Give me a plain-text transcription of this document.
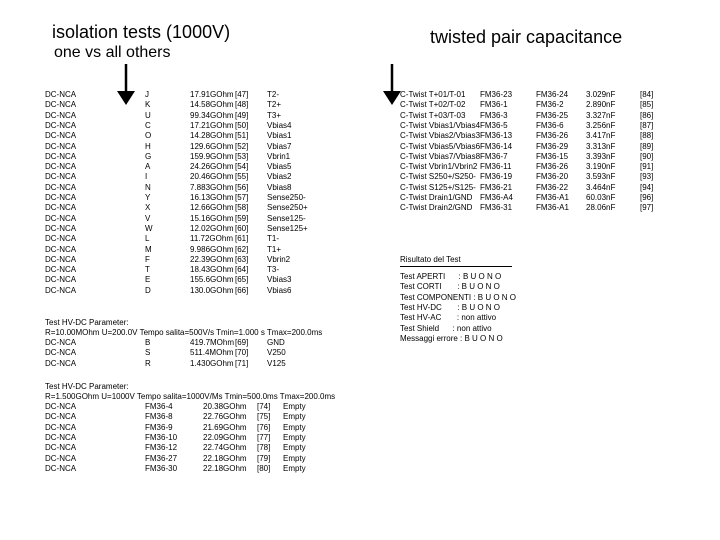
isolation tests (1000V)
one vs all others
twisted pair capacitance
DC-NCA	J	17.91GOhm [47] T2-
DC-NCA	K	14.58GOhm [48] T2+
DC-NCA	U	99.34GOhm [49] T3+
DC-NCA	C	17.21GOhm [50] Vbias4
DC-NCA	O	14.28GOhm [51] Vbias1
DC-NCA	H	129.6GOhm [52] Vbias7
DC-NCA	G	159.9GOhm [53] Vbrin1
DC-NCA	A	24.26GOhm [54] Vbias5
DC-NCA	I	20.46GOhm [55] Vbias2
DC-NCA	N	7.883GOhm [56] Vbias8
DC-NCA	Y	16.13GOhm [57] Sense250-
DC-NCA	X	12.66GOhm [58] Sense250+
DC-NCA	V	15.16GOhm [59] Sense125-
DC-NCA	W	12.02GOhm [60] Sense125+
DC-NCA	L	11.72GOhm [61] T1-
DC-NCA	M	9.986GOhm [62] T1+
DC-NCA	F	22.39GOhm [63] Vbrin2
DC-NCA	T	18.43GOhm [64] T3-
DC-NCA	E	155.6GOhm [65] Vbias3
DC-NCA	D	130.0GOhm [66] Vbias6
Test HV-DC Parameter:
R=10.00MOhm U=200.0V Tempo salita=500V/s Tmin=1.000 s Tmax=200.0ms
DC-NCA	B	419.7MOhm [69] GND
DC-NCA	S	511.4MOhm [70] V250
DC-NCA	R	1.430GOhm [71] V125
Test HV-DC Parameter:
R=1.500GOhm U=1000V Tempo salita=1000V/Ms Tmin=500.0ms Tmax=200.0ms
DC-NCA	FM36-4	20.38GOhm [74] Empty
DC-NCA	FM36-8	22.76GOhm [75] Empty
DC-NCA	FM36-9	21.69GOhm [76] Empty
DC-NCA	FM36-10	22.09GOhm [77] Empty
DC-NCA	FM36-12	22.74GOhm [78] Empty
DC-NCA	FM36-27	22.18GOhm [79] Empty
DC-NCA	FM36-30	22.18GOhm [80] Empty
C-Twist T+01/T-01 FM36-23	FM36-24 3.029nF	[84]
C-Twist T+02/T-02 FM36-1	FM36-2	2.890nF	[85]
C-Twist T+03/T-03 FM36-3	FM36-25 3.327nF	[86]
C-Twist Vbias1/Vbias4 FM36-5	FM36-6	3.256nF	[87]
C-Twist Vbias2/Vbias3 FM36-13	FM36-26 3.417nF	[88]
C-Twist Vbias5/Vbias6 FM36-14	FM36-29 3.313nF	[89]
C-Twist Vbias7/Vbias8 FM36-7	FM36-15 3.393nF	[90]
C-Twist Vbrin1/Vbrin2 FM36-11	FM36-26 3.190nF	[91]
C-Twist S250+/S250- FM36-19	FM36-20 3.593nF	[93]
C-Twist S125+/S125- FM36-21	FM36-22 3.464nF	[94]
C-Twist Drain1/GND FM36-A4	FM36-A1 60.03nF	[96]
C-Twist Drain2/GND FM36-31	FM36-A1 28.06nF	[97]
Risultato del Test
Test APERTI      : B U O N O
Test CORTI       : B U O N O
Test COMPONENTI : B U O N O
Test HV-DC       : B U O N O
Test HV-AC       : non attivo
Test Shield      : non attivo
Messaggi errore : B U O N O
